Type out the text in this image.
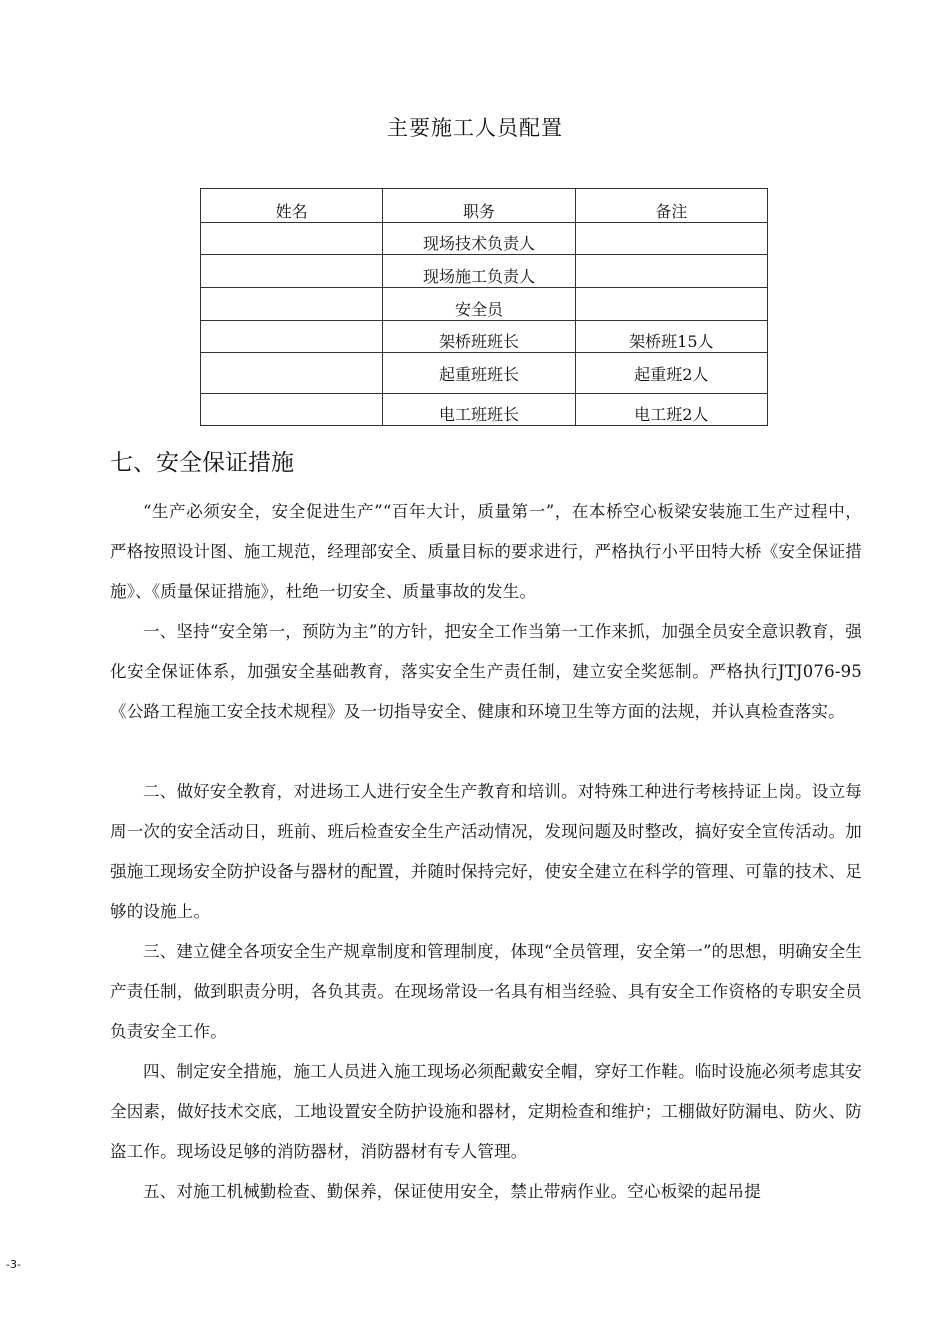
主要施工人员配置
姓名	职务	备注
	现场技术负责人	
	现场施工负责人	
	安全员	
	架桥班班长	架桥班15人
	起重班班长	起重班2人
	电工班班长	电工班2人
七、安全保证措施

“生产必须安全，安全促进生产”“百年大计，质量第一”，在本桥空心板梁安装施工生产过程中，严格按照设计图、施工规范，经理部安全、质量目标的要求进行，严格执行小平田特大桥《安全保证措施》、《质量保证措施》，杜绝一切安全、质量事故的发生。

一、坚持“安全第一，预防为主”的方针，把安全工作当第一工作来抓，加强全员安全意识教育，强化安全保证体系，加强安全基础教育，落实安全生产责任制，建立安全奖惩制。严格执行JTJ076-95《公路工程施工安全技术规程》及一切指导安全、健康和环境卫生等方面的法规，并认真检查落实。

二、做好安全教育，对进场工人进行安全生产教育和培训。对特殊工种进行考核持证上岗。设立每周一次的安全活动日，班前、班后检查安全生产活动情况，发现问题及时整改，搞好安全宣传活动。加强施工现场安全防护设备与器材的配置，并随时保持完好，使安全建立在科学的管理、可靠的技术、足够的设施上。

三、建立健全各项安全生产规章制度和管理制度，体现“全员管理，安全第一”的思想，明确安全生产责任制，做到职责分明，各负其责。在现场常设一名具有相当经验、具有安全工作资格的专职安全员负责安全工作。

四、制定安全措施，施工人员进入施工现场必须配戴安全帽，穿好工作鞋。临时设施必须考虑其安全因素，做好技术交底，工地设置安全防护设施和器材，定期检查和维护；工棚做好防漏电、防火、防盗工作。现场设足够的消防器材，消防器材有专人管理。

五、对施工机械勤检查、勤保养，保证使用安全，禁止带病作业。空心板梁的起吊提

-3-
